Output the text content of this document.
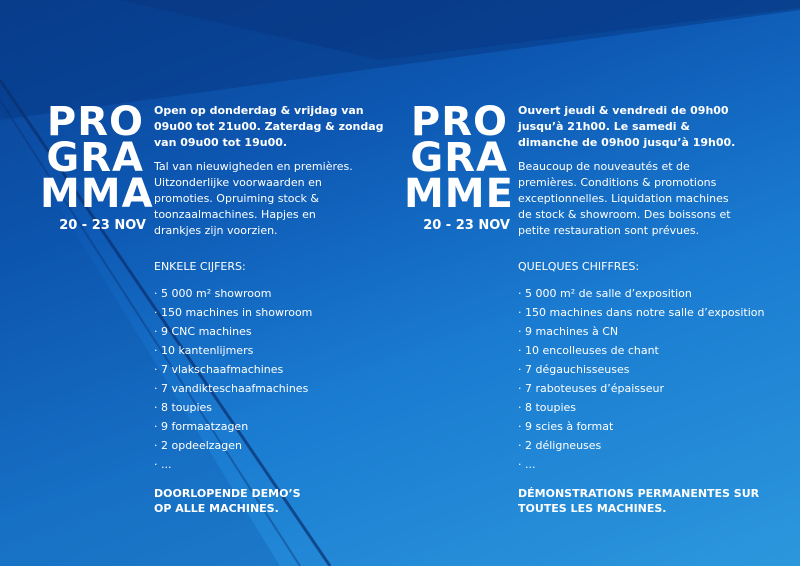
PRO
GRA
MMA
20 - 23 NOV
Open op donderdag & vrijdag van
09u00 tot 21u00. Zaterdag & zondag
van 09u00 tot 19u00.
Tal van nieuwigheden en premières.
Uitzonderlijke voorwaarden en
promoties. Opruiming stock &
toonzaalmachines. Hapjes en
drankjes zijn voorzien.
ENKELE CIJFERS:
· 5 000 m² showroom
· 150 machines in showroom
· 9 CNC machines
· 10 kantenlijmers
· 7 vlakschaafmachines
· 7 vandikteschaafmachines
· 8 toupies
· 9 formaatzagen
· 2 opdeelzagen
· ...
DOORLOPENDE DEMO’S
OP ALLE MACHINES.
PRO
GRA
MME
20 - 23 NOV
Ouvert jeudi & vendredi de 09h00
jusqu’à 21h00. Le samedi &
dimanche de 09h00 jusqu’à 19h00.
Beaucoup de nouveautés et de
premières. Conditions & promotions
exceptionnelles. Liquidation machines
de stock & showroom. Des boissons et
petite restauration sont prévues.
QUELQUES CHIFFRES:
· 5 000 m² de salle d’exposition
· 150 machines dans notre salle d’exposition
· 9 machines à CN
· 10 encolleuses de chant
· 7 dégauchisseuses
· 7 raboteuses d’épaisseur
· 8 toupies
· 9 scies à format
· 2 déligneuses
· ...
DÉMONSTRATIONS PERMANENTES SUR
TOUTES LES MACHINES.
